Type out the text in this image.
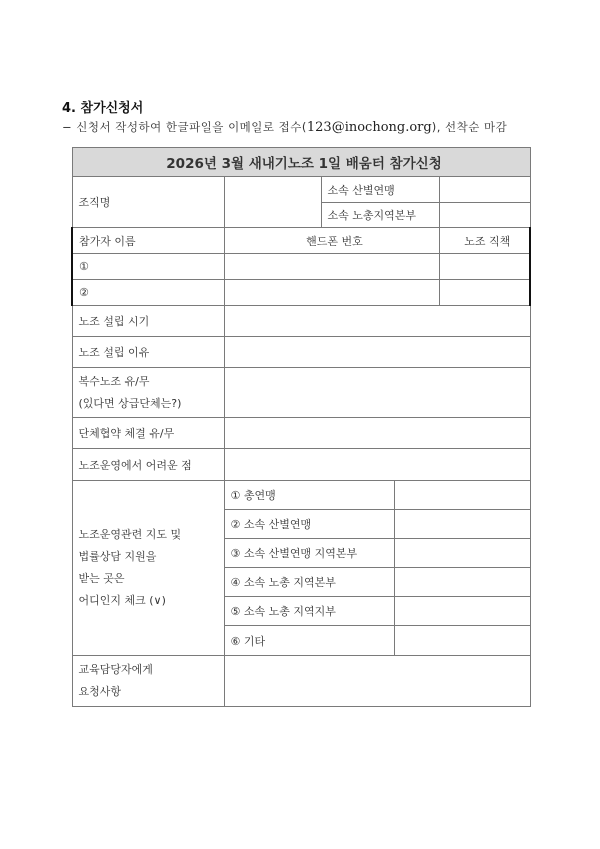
4. 참가신청서
− 신청서 작성하여 한글파일을 이메일로 접수(123@inochong.org), 선착순 마감
2026년 3월 새내기노조 1일 배움터 참가신청				
조직명		소속 산별연맹		
		소속 노총지역본부		
참가자 이름	핸드폰 번호			노조 직책
①				
②				
노조 설립 시기				
노조 설립 이유				

복수노조 유/무
(있다면 상급단체는?)				

단체협약 체결 유/무				
노조운영에서 어려운 점				

노조운영관련 지도 및
법률상담 지원을
받는 곳은
어디인지 체크 (∨)	① 총연맹			
	② 소속 산별연맹			
	③ 소속 산별연맹 지역본부			
	④ 소속 노총 지역본부			
	⑤ 소속 노총 지역지부			
	⑥ 기타			

교육담당자에게
요청사항				
